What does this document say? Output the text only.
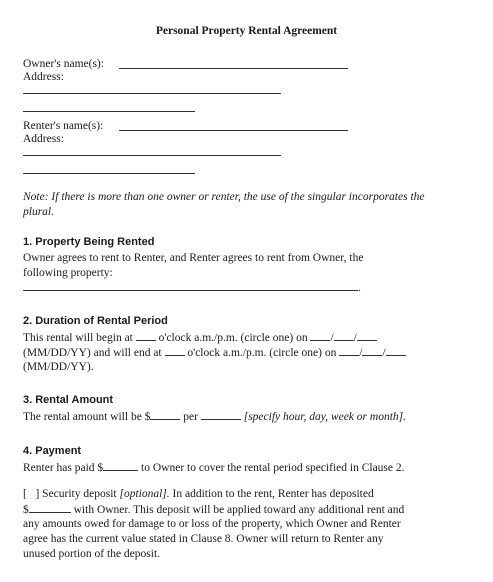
Personal Property Rental Agreement
Owner's name(s):
Address:
Renter's name(s):
Address:
Note: If there is more than one owner or renter, the use of the singular incorporates the
plural.
1. Property Being Rented
Owner agrees to rent to Renter, and Renter agrees to rent from Owner, the
following property:
.
2. Duration of Rental Period
This rental will begin at o'clock a.m./p.m. (circle one) on / /
(MM/DD/YY) and will end at o'clock a.m./p.m. (circle one) on / /
(MM/DD/YY).
3. Rental Amount
The rental amount will be $	per	[specify hour, day, week or month].
4. Payment
Renter has paid $	to Owner to cover the rental period specified in Clause 2.
[   ] Security deposit [optional]. In addition to the rent, Renter has deposited
$	with Owner. This deposit will be applied toward any additional rent and
any amounts owed for damage to or loss of the property, which Owner and Renter
agree has the current value stated in Clause 8. Owner will return to Renter any
unused portion of the deposit.
